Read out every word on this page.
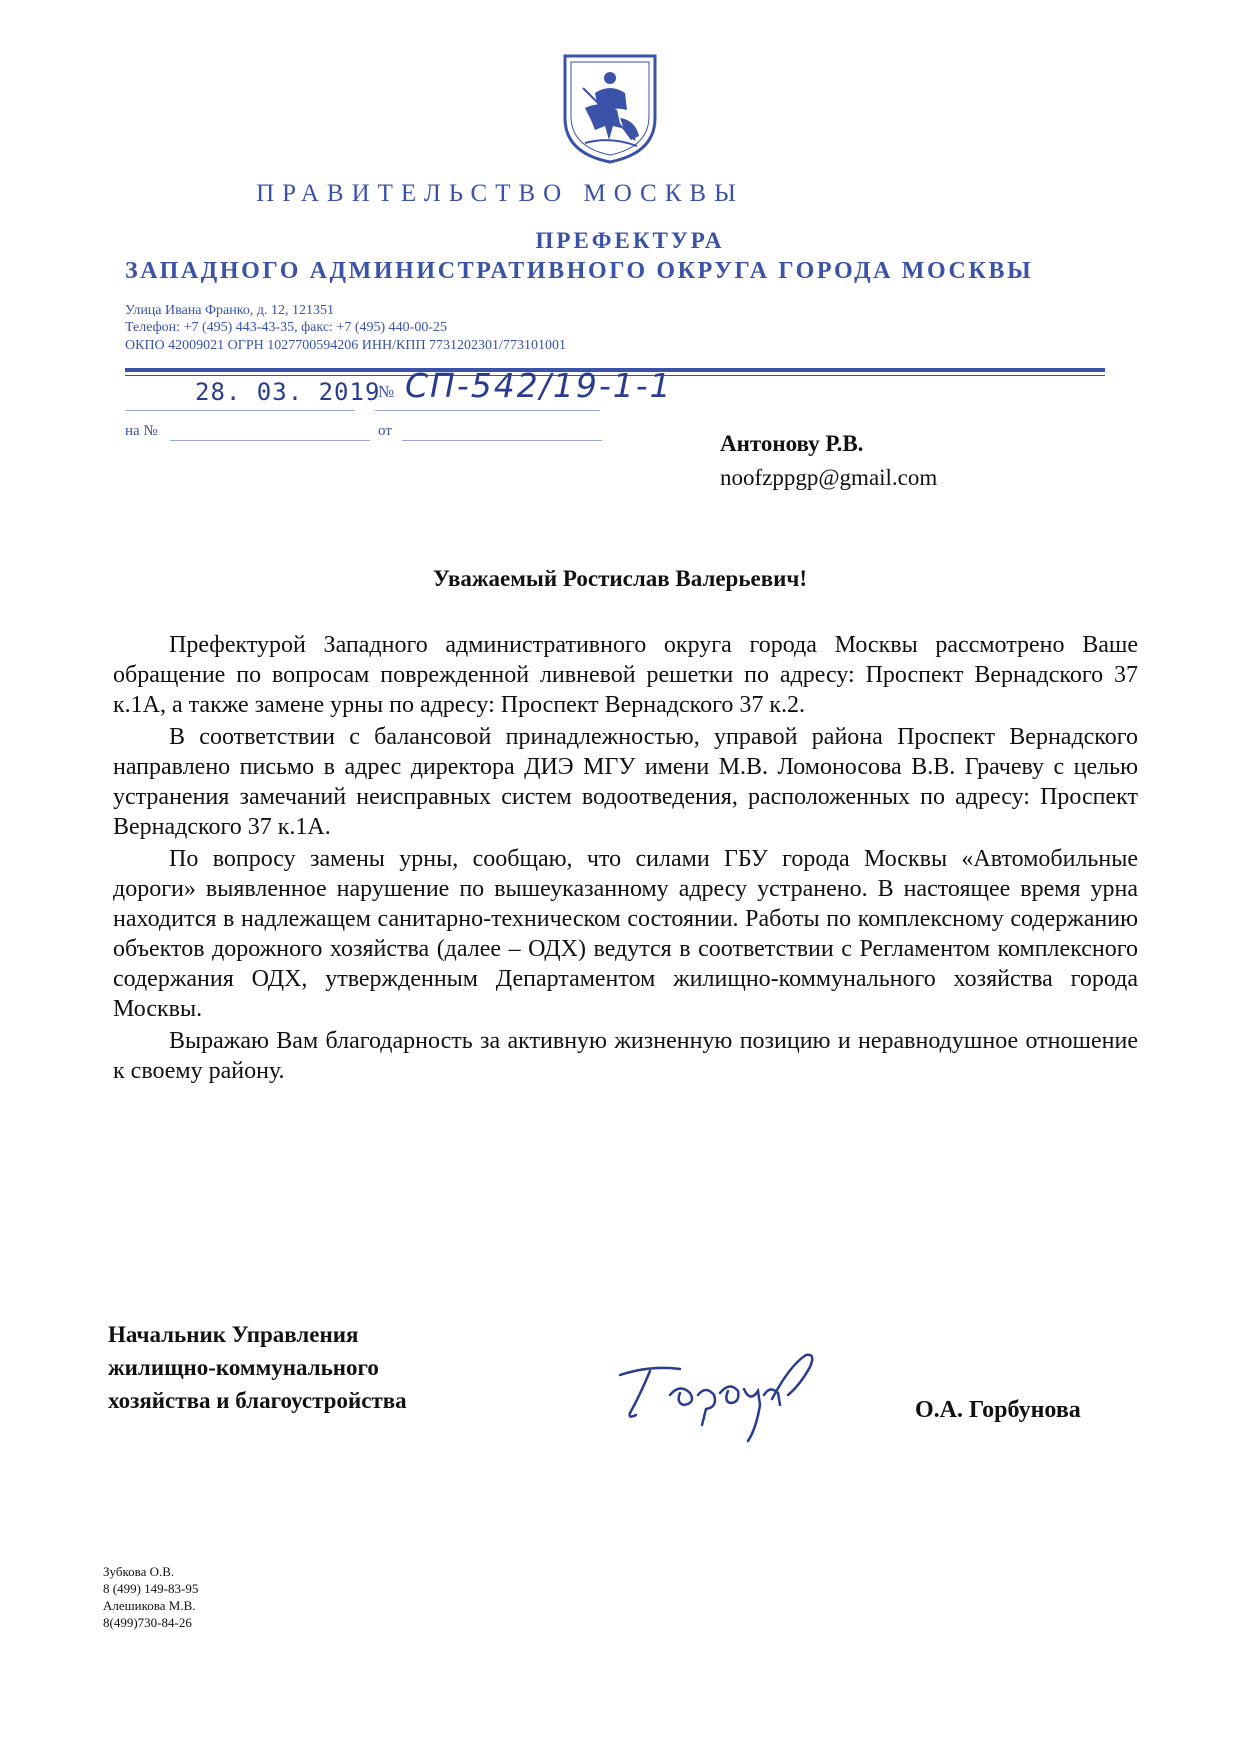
ПРАВИТЕЛЬСТВО МОСКВЫ
ПРЕФЕКТУРА
ЗАПАДНОГО АДМИНИСТРАТИВНОГО ОКРУГА ГОРОДА МОСКВЫ
Улица Ивана Франко, д. 12, 121351
Телефон: +7 (495) 443-43-35, факс: +7 (495) 440-00-25
ОКПО 42009021 ОГРН 1027700594206 ИНН/КПП 7731202301/773101001
28. 03. 2019
№ СП-542/19-1-1
на №	от	Антонову Р.В.
noofzppgp@gmail.com
Уважаемый Ростислав Валерьевич!

Префектурой Западного административного округа города Москвы рассмотрено Ваше обращение по вопросам поврежденной ливневой решетки по адресу: Проспект Вернадского 37 к.1А, а также замене урны по адресу: Проспект Вернадского 37 к.2.

В соответствии с балансовой принадлежностью, управой района Проспект Вернадского направлено письмо в адрес директора ДИЭ МГУ имени М.В. Ломоносова В.В. Грачеву с целью устранения замечаний неисправных систем водоотведения, расположенных по адресу: Проспект Вернадского 37 к.1А.

По вопросу замены урны, сообщаю, что силами ГБУ города Москвы «Автомобильные дороги» выявленное нарушение по вышеуказанному адресу устранено. В настоящее время урна находится в надлежащем санитарно-техническом состоянии. Работы по комплексному содержанию объектов дорожного хозяйства (далее – ОДХ) ведутся в соответствии с Регламентом комплексного содержания ОДХ, утвержденным Департаментом жилищно-коммунального хозяйства города Москвы.

Выражаю Вам благодарность за активную жизненную позицию и неравнодушное отношение к своему району.

Начальник Управления
жилищно-коммунального
хозяйства и благоустройства	О.А. Горбунова
Зубкова О.В.
8 (499) 149-83-95
Алешикова М.В.
8(499)730-84-26
